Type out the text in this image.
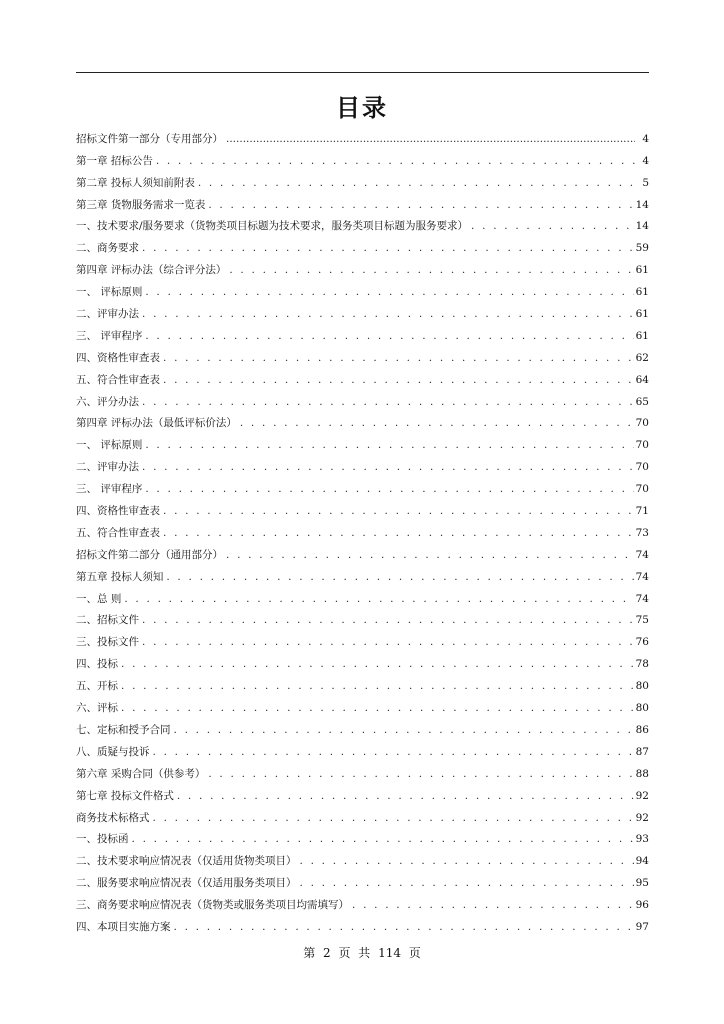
目录
招标文件第一部分（专用部分） .....	4
第一章 招标公告 . . .	4
第二章 投标人须知前附表 . . .	5
第三章 货物服务需求一览表 . . .	14
一、技术要求/服务要求（货物类项目标题为技术要求，服务类项目标题为服务要求） . . .	14
二、商务要求 . . .	59
第四章 评标办法（综合评分法） . . .	61
一、 评标原则 . . .	61
二、评审办法 . . .	61
三、 评审程序 . . .	61
四、资格性审查表 . . .	62
五、符合性审查表 . . .	64
六、评分办法 . . .	65
第四章 评标办法（最低评标价法） . . .	70
一、 评标原则 . . .	70
二、评审办法 . . .	70
三、 评审程序 . . .	70
四、资格性审查表 . . .	71
五、符合性审查表 . . .	73
招标文件第二部分（通用部分） . . .	74
第五章 投标人须知 . . .	74
一、总 则 . . .	74
二、招标文件 . . .	75
三、投标文件 . . .	76
四、投标 . . .	78
五、开标 . . .	80
六、评标 . . .	80
七、定标和授予合同 . . .	86
八、质疑与投诉 . . .	87
第六章 采购合同（供参考） . . .	88
第七章 投标文件格式 . . .	92
商务技术标格式 . . .	92
一、投标函 . . .	93
二、技术要求响应情况表（仅适用货物类项目） . . .	94
二、服务要求响应情况表（仅适用服务类项目） . . .	95
三、商务要求响应情况表（货物类或服务类项目均需填写） . . .	96
四、本项目实施方案 . . .	97
第 2 页 共 114 页
